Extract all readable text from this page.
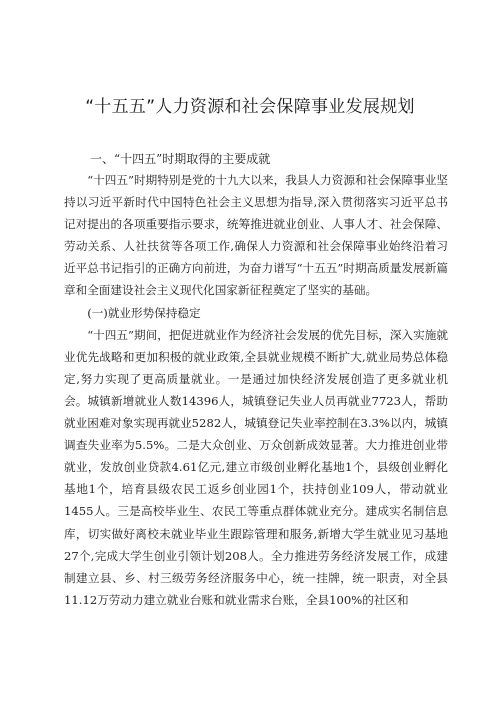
“十五五”人力资源和社会保障事业发展规划
一、“十四五”时期取得的主要成就

“十四五”时期特别是党的十九大以来，我县人力资源和社会保障事业坚持以习近平新时代中国特色社会主义思想为指导,深入贯彻落实习近平总书记对提出的各项重要指示要求，统筹推进就业创业、人事人才、社会保障、劳动关系、人社扶贫等各项工作,确保人力资源和社会保障事业始终沿着习近平总书记指引的正确方向前进，为奋力谱写“十五五”时期高质量发展新篇章和全面建设社会主义现代化国家新征程奠定了坚实的基础。

(一)就业形势保持稳定

“十四五”期间，把促进就业作为经济社会发展的优先目标，深入实施就业优先战略和更加积极的就业政策,全县就业规模不断扩大,就业局势总体稳定,努力实现了更高质量就业。一是通过加快经济发展创造了更多就业机会。城镇新增就业人数14396人，城镇登记失业人员再就业7723人，帮助就业困难对象实现再就业5282人，城镇登记失业率控制在3.3%以内，城镇调查失业率为5.5%。二是大众创业、万众创新成效显著。大力推进创业带就业，发放创业贷款4.61亿元,建立市级创业孵化基地1个，县级创业孵化基地1个，培育县级农民工返乡创业园1个，扶持创业109人，带动就业1455人。三是高校毕业生、农民工等重点群体就业充分。建成实名制信息库，切实做好离校未就业毕业生跟踪管理和服务,新增大学生就业见习基地27个,完成大学生创业引领计划208人。全力推进劳务经济发展工作，成建制建立县、乡、村三级劳务经济服务中心，统一挂牌，统一职责，对全县11.12万劳动力建立就业台账和就业需求台账，全县100%的社区和
